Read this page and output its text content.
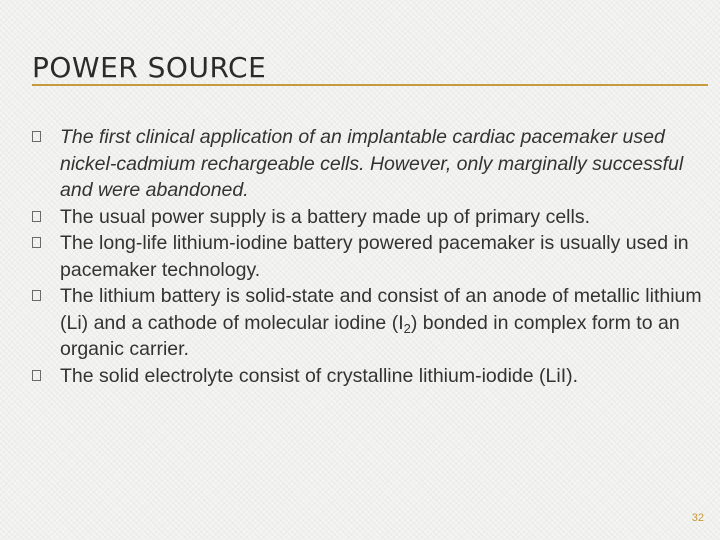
POWER SOURCE
The first clinical application of an implantable cardiac pacemaker used nickel-cadmium rechargeable cells. However, only marginally successful and were abandoned.
The usual power supply is a battery made up of primary cells.
The long-life lithium-iodine battery powered pacemaker is usually used in pacemaker technology.
The lithium battery is solid-state and consist of an anode of metallic lithium (Li) and a cathode of molecular iodine $(I_2)$ bonded in complex form to an organic carrier.
The solid electrolyte consist of crystalline lithium-iodide (LiI).
32
